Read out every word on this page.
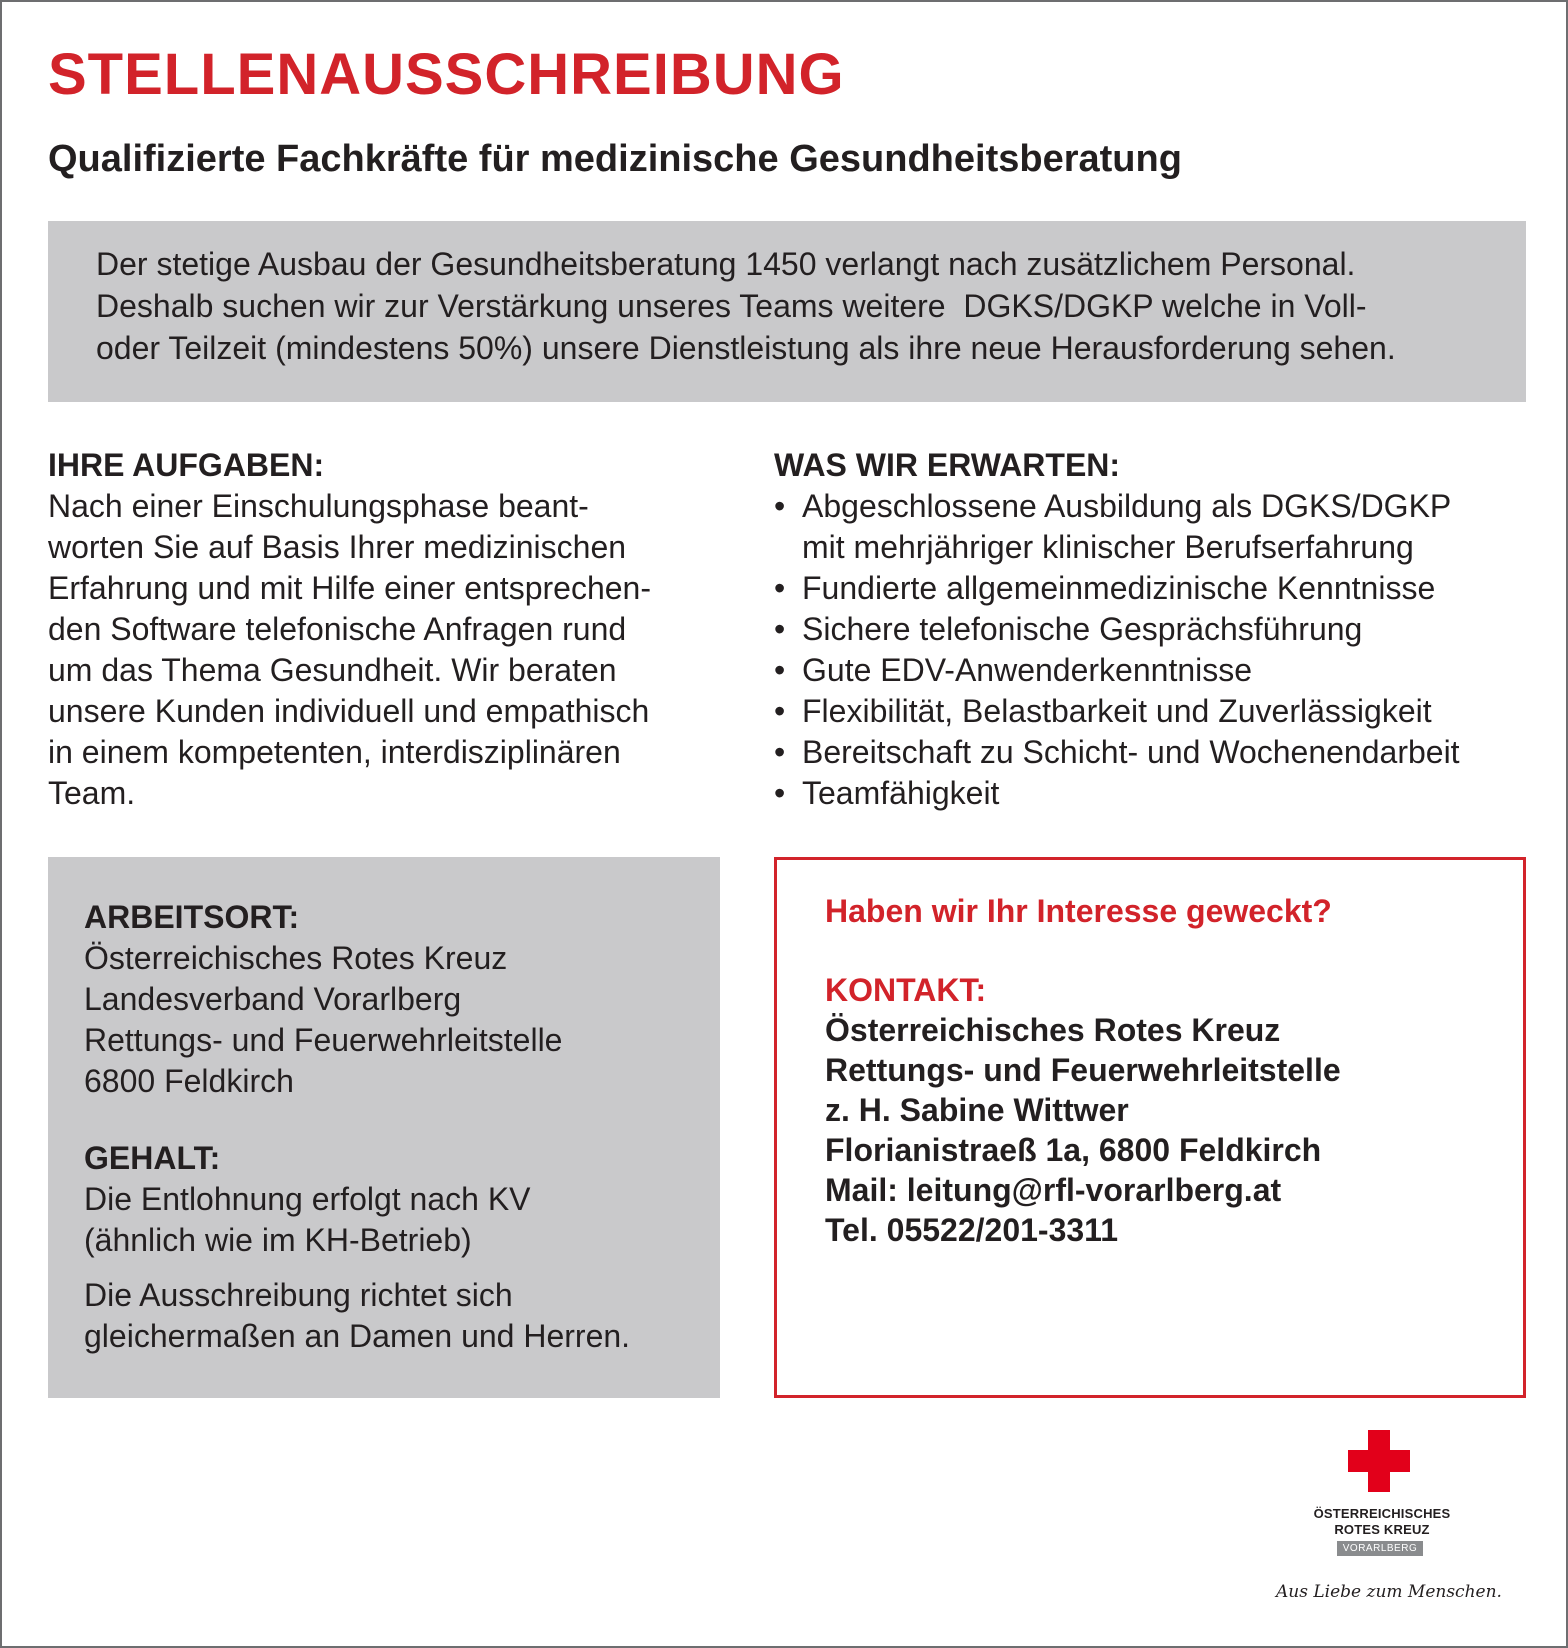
STELLENAUSSCHREIBUNG
Qualifizierte Fachkräfte für medizinische Gesundheitsberatung
Der stetige Ausbau der Gesundheitsberatung 1450 verlangt nach zusätzlichem Personal.
Deshalb suchen wir zur Verstärkung unseres Teams weitere  DGKS/DGKP welche in Voll-
oder Teilzeit (mindestens 50%) unsere Dienstleistung als ihre neue Herausforderung sehen.

IHRE AUFGABEN:

Nach einer Einschulungsphase beant-

worten Sie auf Basis Ihrer medizinischen

Erfahrung und mit Hilfe einer entsprechen-

den Software telefonische Anfragen rund

um das Thema Gesundheit. Wir beraten

unsere Kunden individuell und empathisch

in einem kompetenten, interdisziplinären

Team.

WAS WIR ERWARTEN:

• Abgeschlossene Ausbildung als DGKS/DGKP
mit mehrjähriger klinischer Berufserfahrung
• Fundierte allgemeinmedizinische Kenntnisse
• Sichere telefonische Gesprächsführung
• Gute EDV-Anwenderkenntnisse
• Flexibilität, Belastbarkeit und Zuverlässigkeit
• Bereitschaft zu Schicht- und Wochenendarbeit
• Teamfähigkeit

ARBEITSORT:

Österreichisches Rotes Kreuz

Landesverband Vorarlberg

Rettungs- und Feuerwehrleitstelle

6800 Feldkirch

GEHALT:

Die Entlohnung erfolgt nach KV

(ähnlich wie im KH-Betrieb)

Die Ausschreibung richtet sich

gleichermaßen an Damen und Herren.

Haben wir Ihr Interesse geweckt?

KONTAKT:

Österreichisches Rotes Kreuz

Rettungs- und Feuerwehrleitstelle

z. H. Sabine Wittwer

Florianistraeß 1a, 6800 Feldkirch

Mail: leitung@rfl-vorarlberg.at

Tel. 05522/201-3311

ÖSTERREICHISCHES
ROTES KREUZ
VORARLBERG
Aus Liebe zum Menschen.
